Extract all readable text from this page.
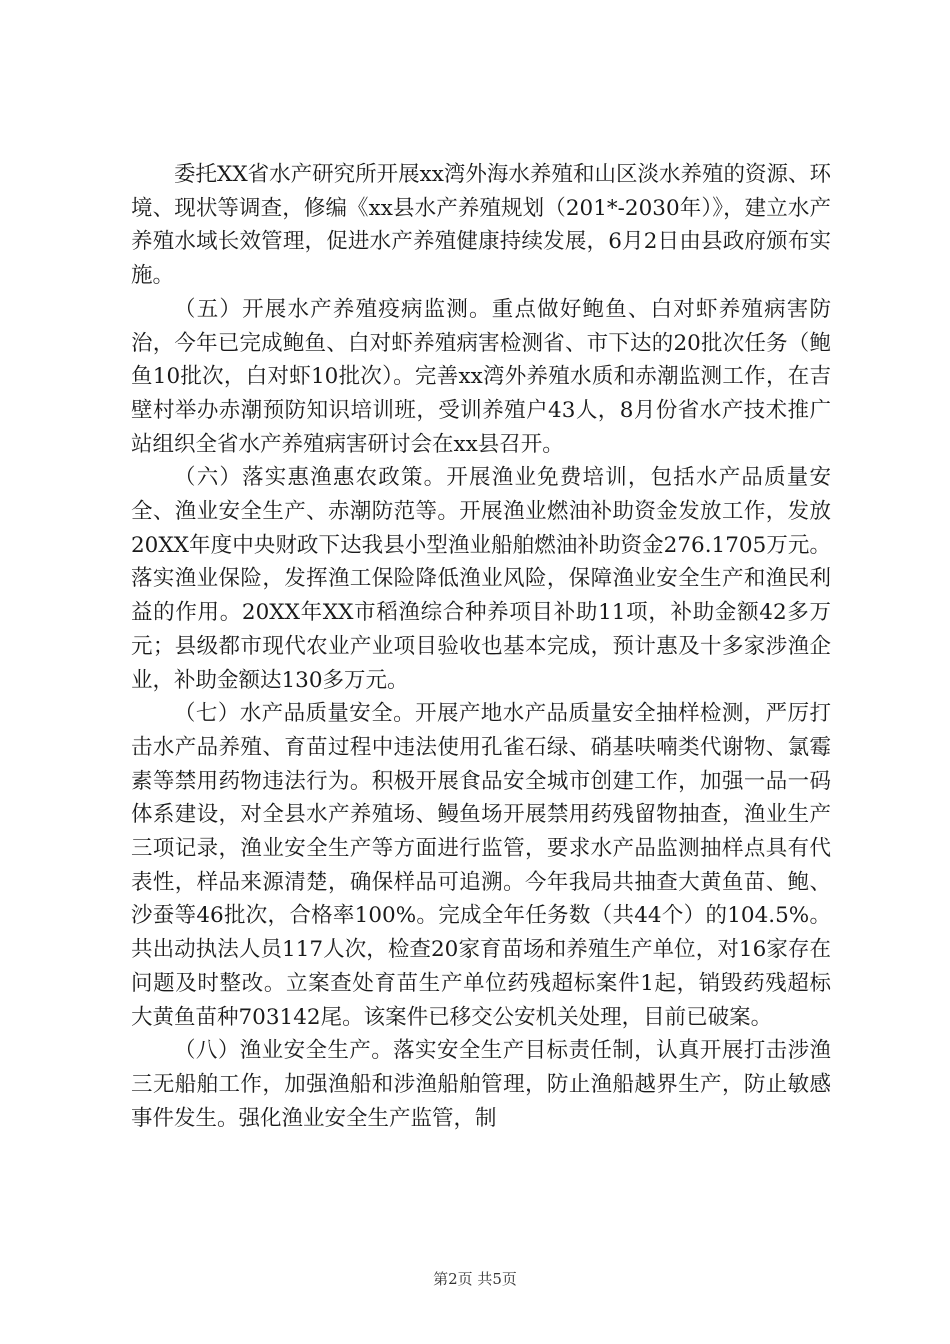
委托XX省水产研究所开展xx湾外海水养殖和山区淡水养殖的资源、环境、现状等调查，修编《xx县水产养殖规划（201*-2030年）》，建立水产养殖水域长效管理，促进水产养殖健康持续发展，6月2日由县政府颁布实施。

（五）开展水产养殖疫病监测。重点做好鲍鱼、白对虾养殖病害防治，今年已完成鲍鱼、白对虾养殖病害检测省、市下达的20批次任务（鲍鱼10批次，白对虾10批次）。完善xx湾外养殖水质和赤潮监测工作，在吉壁村举办赤潮预防知识培训班，受训养殖户43人，8月份省水产技术推广站组织全省水产养殖病害研讨会在xx县召开。

（六）落实惠渔惠农政策。开展渔业免费培训，包括水产品质量安全、渔业安全生产、赤潮防范等。开展渔业燃油补助资金发放工作，发放20XX年度中央财政下达我县小型渔业船舶燃油补助资金276.1705万元。落实渔业保险，发挥渔工保险降低渔业风险，保障渔业安全生产和渔民利益的作用。20XX年XX市稻渔综合种养项目补助11项，补助金额42多万元；县级都市现代农业产业项目验收也基本完成，预计惠及十多家涉渔企业，补助金额达130多万元。

（七）水产品质量安全。开展产地水产品质量安全抽样检测，严厉打击水产品养殖、育苗过程中违法使用孔雀石绿、硝基呋喃类代谢物、氯霉素等禁用药物违法行为。积极开展食品安全城市创建工作，加强一品一码体系建设，对全县水产养殖场、鳗鱼场开展禁用药残留物抽查，渔业生产三项记录，渔业安全生产等方面进行监管，要求水产品监测抽样点具有代表性，样品来源清楚，确保样品可追溯。今年我局共抽查大黄鱼苗、鲍、沙蚕等46批次，合格率100%。完成全年任务数（共44个）的104.5%。共出动执法人员117人次，检查20家育苗场和养殖生产单位，对16家存在问题及时整改。立案查处育苗生产单位药残超标案件1起，销毁药残超标大黄鱼苗种703142尾。该案件已移交公安机关处理，目前已破案。

（八）渔业安全生产。落实安全生产目标责任制，认真开展打击涉渔三无船舶工作，加强渔船和涉渔船舶管理，防止渔船越界生产，防止敏感事件发生。强化渔业安全生产监管，制

第2页 共5页
